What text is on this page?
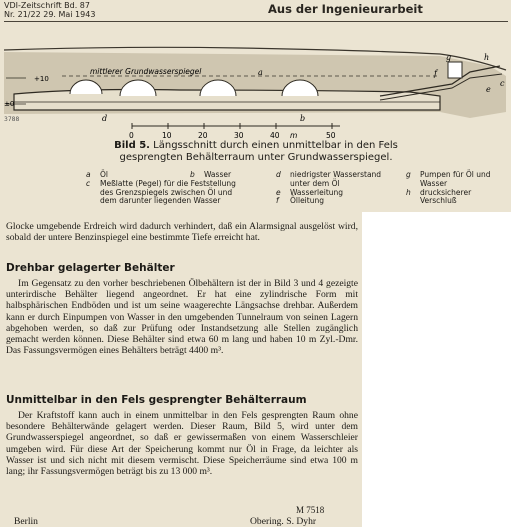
VDI-Zeitschrift Bd. 87
Nr. 21/22 29. Mai 1943	Aus der Ingenieurarbeit
mittlerer Grundwasserspiegel
+10
±0
a
d	b
f
g	h
c
e
0	10	20	30	40 m	50
3788
Bild 5. Längsschnitt durch einen unmittelbar in den Fels gesprengten Behälterraum unter Grundwasserspiegel.
a	Öl
c	Meßlatte (Pegel) für die Feststellung des Grenzspiegels zwischen Öl und dem darunter liegenden Wasser
b	Wasser	d	niedrigster Wasserstand unter dem Öl
e	Wasserleitung
f	Ölleitung
g	Pumpen für Öl und Wasser
h	drucksicherer Verschluß

Glocke umgebende Erdreich wird dadurch verhindert, daß ein Alarmsignal ausgelöst wird, sobald der untere Benzinspiegel eine bestimmte Tiefe erreicht hat.

Drehbar gelagerter Behälter

Im Gegensatz zu den vorher beschriebenen Ölbehältern ist der in Bild 3 und 4 gezeigte unterirdische Behälter liegend angeordnet. Er hat eine zylindrische Form mit halbsphärischen Endböden und ist um seine waagerechte Längsachse drehbar. Außerdem kann er durch Einpumpen von Wasser in den umgebenden Tunnelraum von seinen Lagern abgehoben werden, so daß zur Prüfung oder Instandsetzung alle Stellen zugänglich gemacht werden können. Diese Behälter sind etwa 60 m lang und haben 10 m Zyl.-Dmr. Das Fassungsvermögen eines Behälters beträgt 4400 m³.

Unmittelbar in den Fels gesprengter Behälterraum

Der Kraftstoff kann auch in einem unmittelbar in den Fels gesprengten Raum ohne besondere Behälterwände gelagert werden. Dieser Raum, Bild 5, wird unter dem Grundwasserspiegel angeordnet, so daß er gewissermaßen von einem Wasserschleier umgeben wird. Für diese Art der Speicherung kommt nur Öl in Frage, da leichter als Wasser ist und sich nicht mit diesem vermischt. Diese Speicherräume sind etwa 100 m lang; ihr Fassungsvermögen beträgt bis zu 13 000 m³.

M 7518
Berlin	Obering. S. Dyhr
